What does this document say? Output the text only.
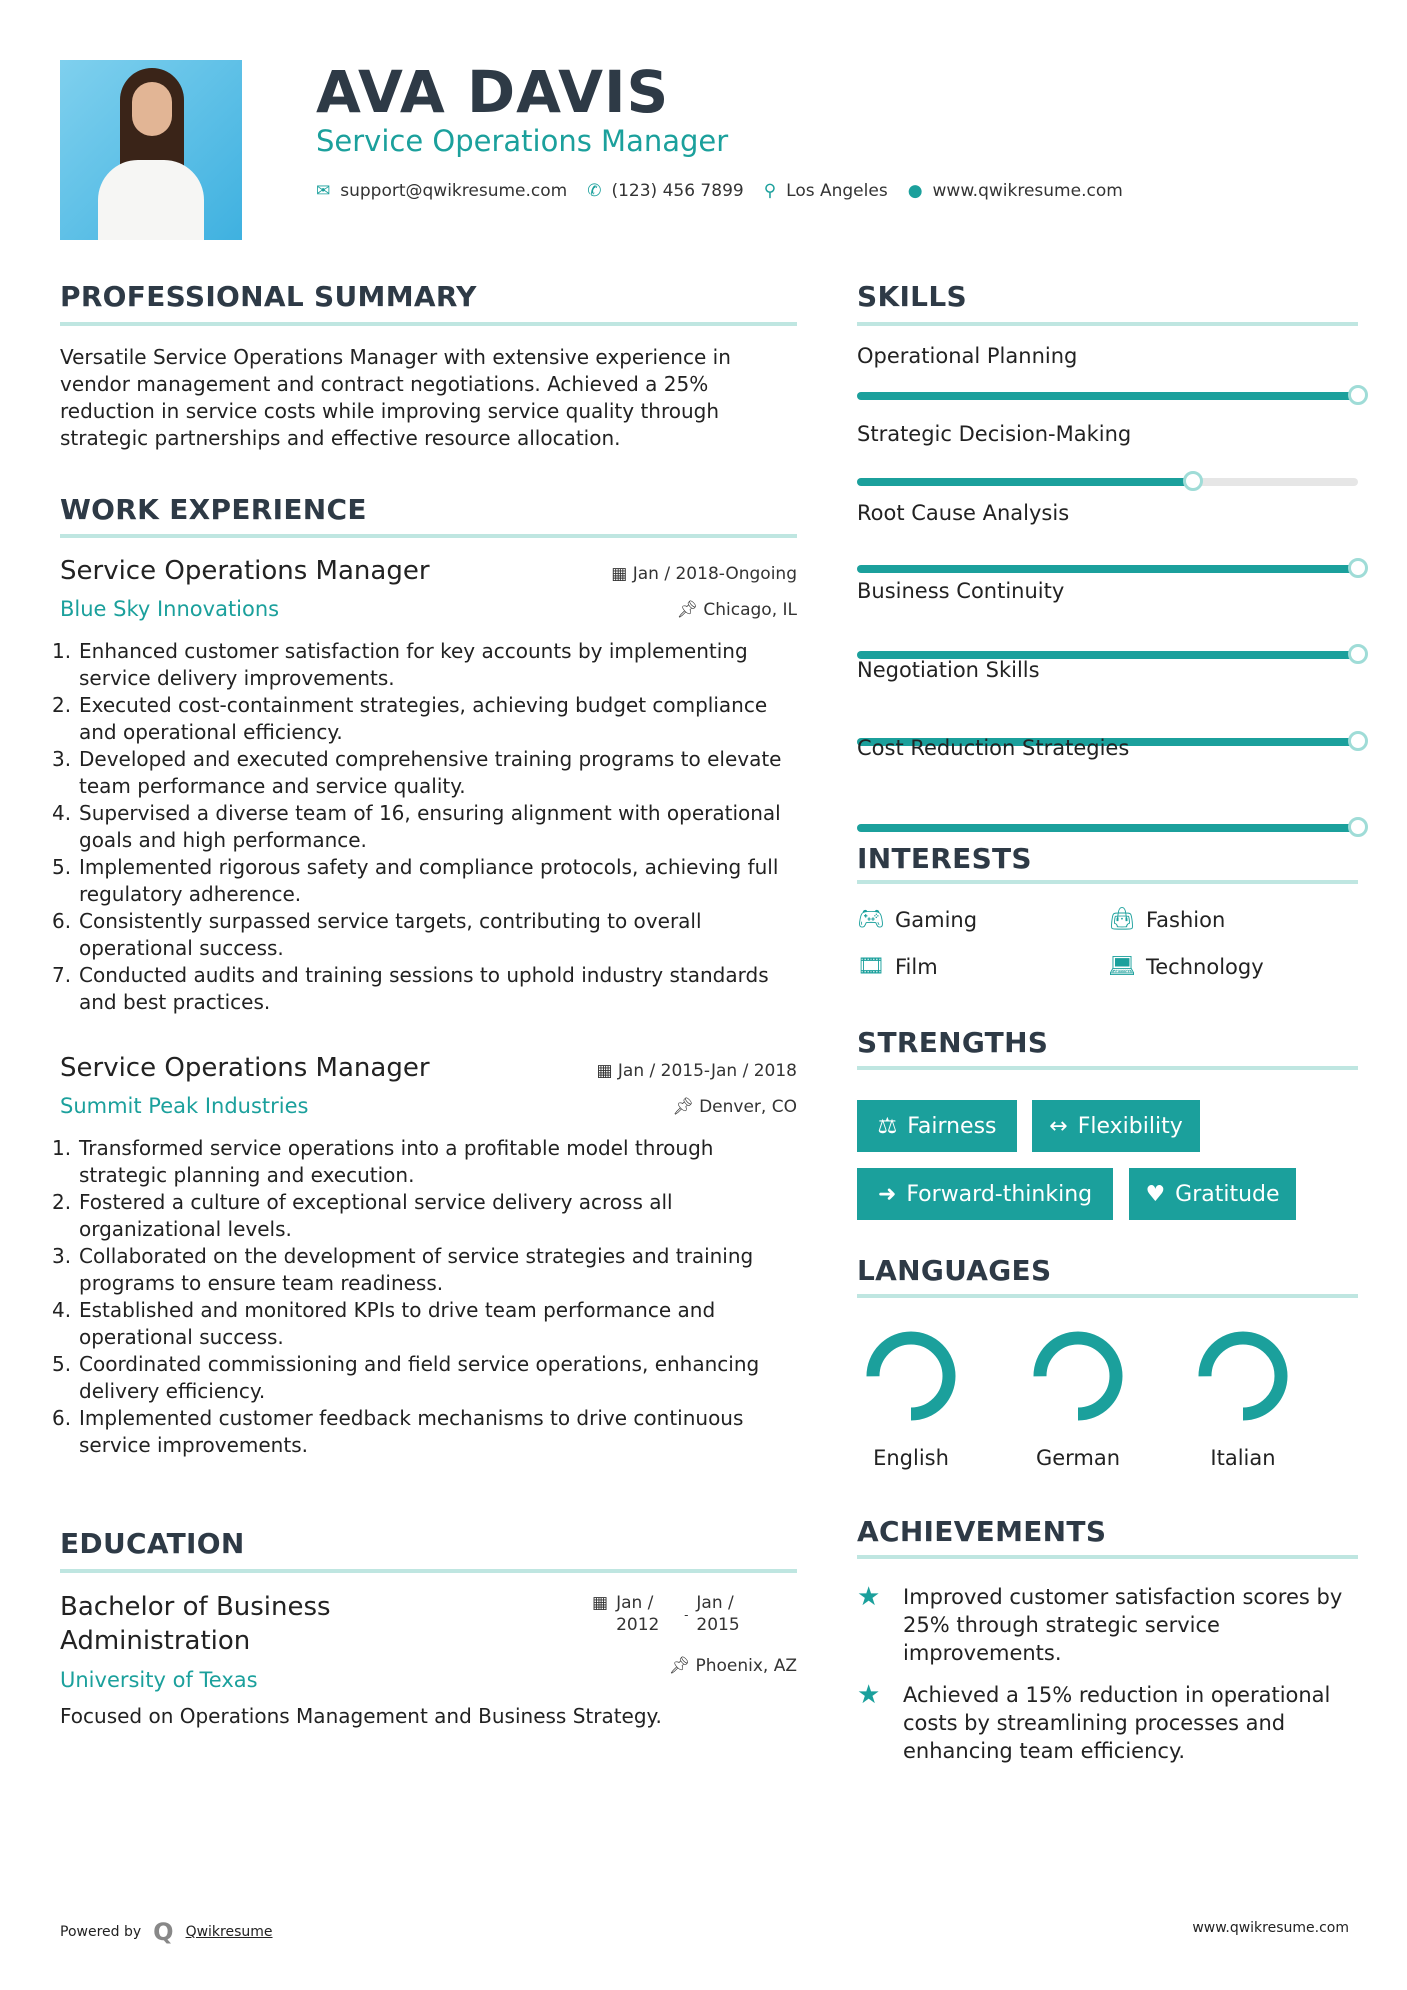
AVA DAVIS
Service Operations Manager
✉ support@qwikresume.com ✆ (123) 456 7899 ⚲ Los Angeles ● www.qwikresume.com
PROFESSIONAL SUMMARY
Versatile Service Operations Manager with extensive experience in vendor management and contract negotiations. Achieved a 25% reduction in service costs while improving service quality through strategic partnerships and effective resource allocation.
WORK EXPERIENCE
Service Operations Manager	▦ Jan / 2018-Ongoing
Blue Sky Innovations	📌︎ Chicago, IL
1. Enhanced customer satisfaction for key accounts by implementing service delivery improvements.
2. Executed cost-containment strategies, achieving budget compliance and operational efficiency.
3. Developed and executed comprehensive training programs to elevate team performance and service quality.
4. Supervised a diverse team of 16, ensuring alignment with operational goals and high performance.
5. Implemented rigorous safety and compliance protocols, achieving full regulatory adherence.
6. Consistently surpassed service targets, contributing to overall operational success.
7. Conducted audits and training sessions to uphold industry standards and best practices.
Service Operations Manager	▦ Jan / 2015-Jan / 2018
Summit Peak Industries	📌︎ Denver, CO
1. Transformed service operations into a profitable model through strategic planning and execution.
2. Fostered a culture of exceptional service delivery across all organizational levels.
3. Collaborated on the development of service strategies and training programs to ensure team readiness.
4. Established and monitored KPIs to drive team performance and operational success.
5. Coordinated commissioning and field service operations, enhancing delivery efficiency.
6. Implemented customer feedback mechanisms to drive continuous service improvements.
EDUCATION
Bachelor of Business Administration
▦ Jan / 2012	-
Jan / 2015
University of Texas
📌︎ Phoenix, AZ
Focused on Operations Management and Business Strategy.
SKILLS
Operational Planning
Strategic Decision-Making
Root Cause Analysis
Business Continuity
Negotiation Skills
Cost Reduction Strategies
INTERESTS
🎮︎ Gaming	👜︎ Fashion
🎞︎ Film	💻︎ Technology
STRENGTHS
⚖ Fairness ↔ Flexibility
➜ Forward-thinking ♥ Gratitude
LANGUAGES
English	German	Italian
ACHIEVEMENTS
★	Improved customer satisfaction scores by 25% through strategic service improvements.
★	Achieved a 15% reduction in operational costs by streamlining processes and enhancing team efficiency.
Powered by Q Qwikresume	www.qwikresume.com
